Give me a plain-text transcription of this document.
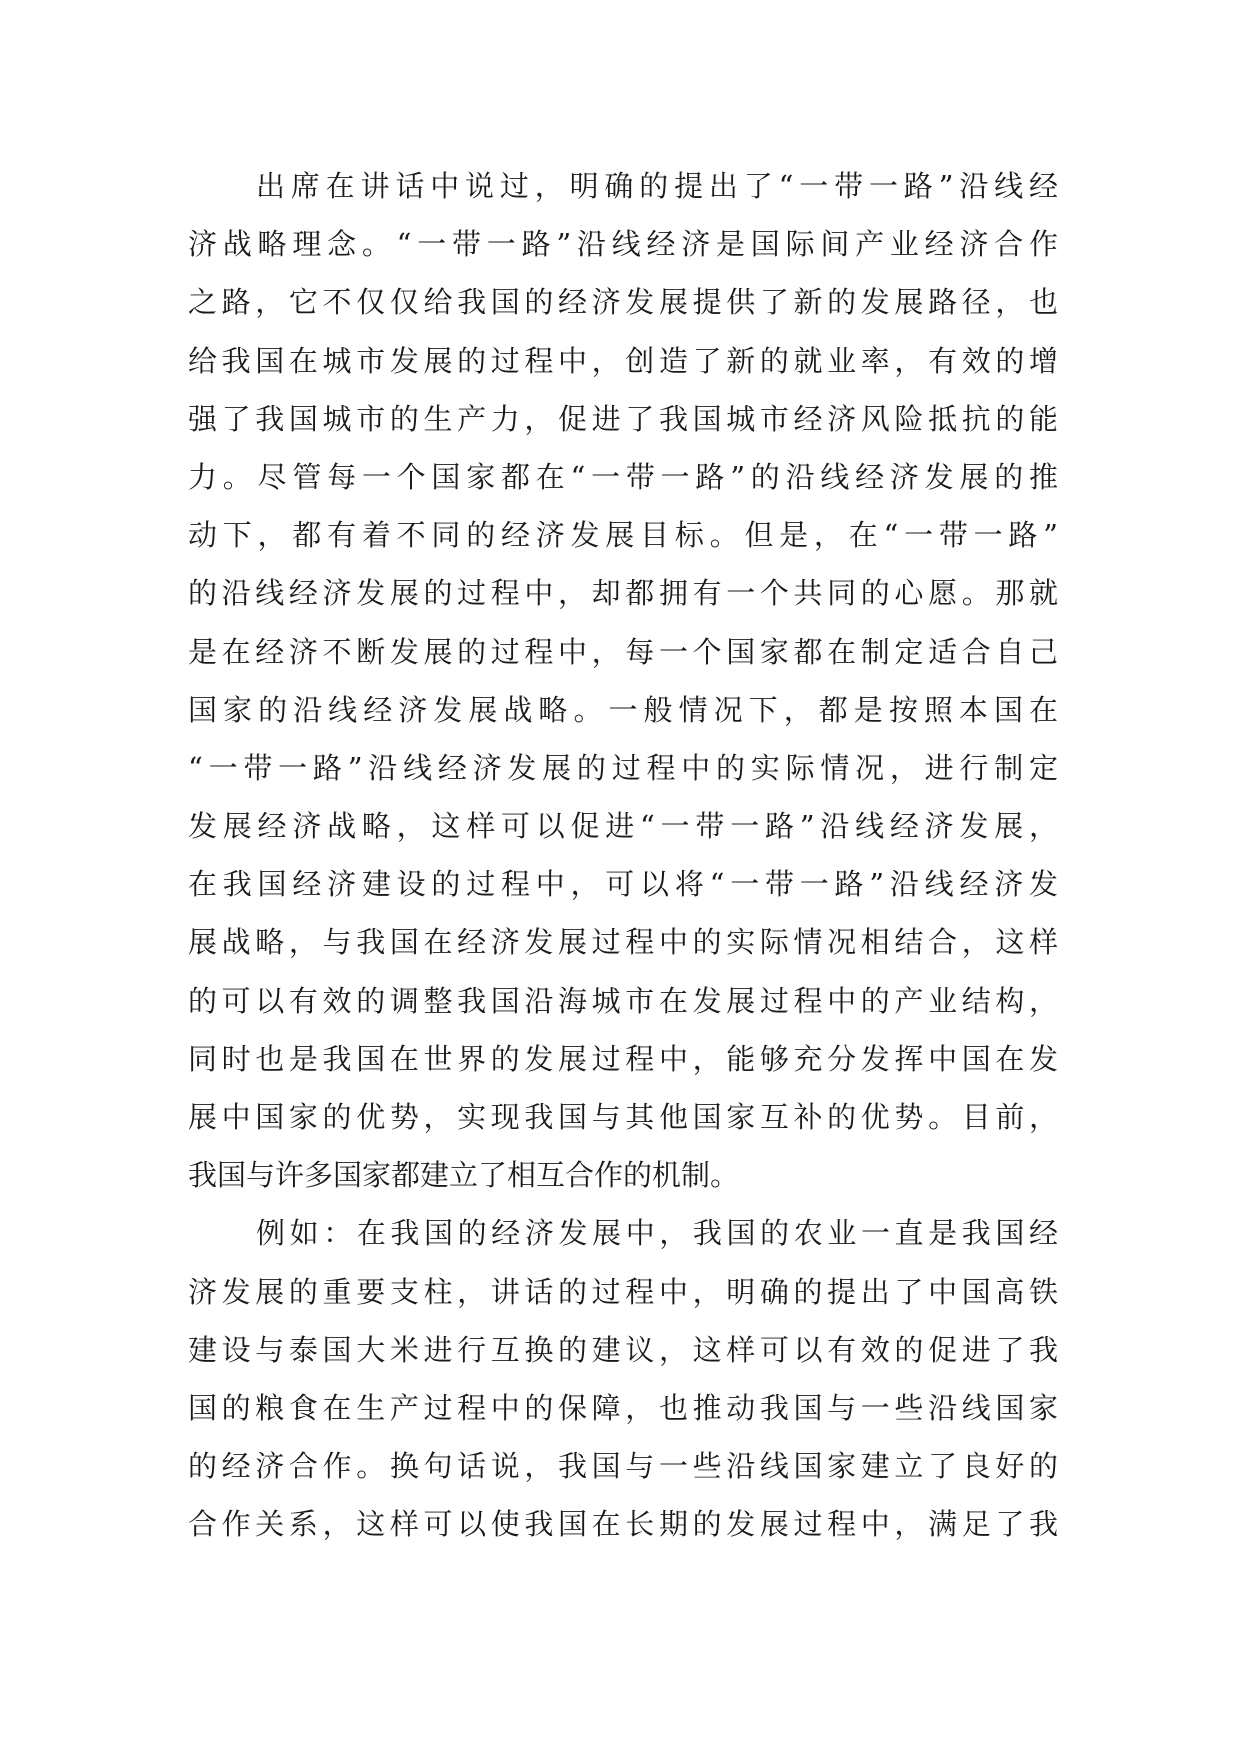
出席在讲话中说过，明确的提出了“一带一路”沿线经
济战略理念。“一带一路”沿线经济是国际间产业经济合作
之路，它不仅仅给我国的经济发展提供了新的发展路径，也
给我国在城市发展的过程中，创造了新的就业率，有效的增
强了我国城市的生产力，促进了我国城市经济风险抵抗的能
力。尽管每一个国家都在“一带一路”的沿线经济发展的推
动下，都有着不同的经济发展目标。但是，在“一带一路”
的沿线经济发展的过程中，却都拥有一个共同的心愿。那就
是在经济不断发展的过程中，每一个国家都在制定适合自己
国家的沿线经济发展战略。一般情况下，都是按照本国在
“一带一路”沿线经济发展的过程中的实际情况，进行制定
发展经济战略，这样可以促进“一带一路”沿线经济发展，
在我国经济建设的过程中，可以将“一带一路”沿线经济发
展战略，与我国在经济发展过程中的实际情况相结合，这样
的可以有效的调整我国沿海城市在发展过程中的产业结构，
同时也是我国在世界的发展过程中，能够充分发挥中国在发
展中国家的优势，实现我国与其他国家互补的优势。目前，
我国与许多国家都建立了相互合作的机制。
例如：在我国的经济发展中，我国的农业一直是我国经
济发展的重要支柱，讲话的过程中，明确的提出了中国高铁
建设与泰国大米进行互换的建议，这样可以有效的促进了我
国的粮食在生产过程中的保障，也推动我国与一些沿线国家
的经济合作。换句话说，我国与一些沿线国家建立了良好的
合作关系，这样可以使我国在长期的发展过程中，满足了我
